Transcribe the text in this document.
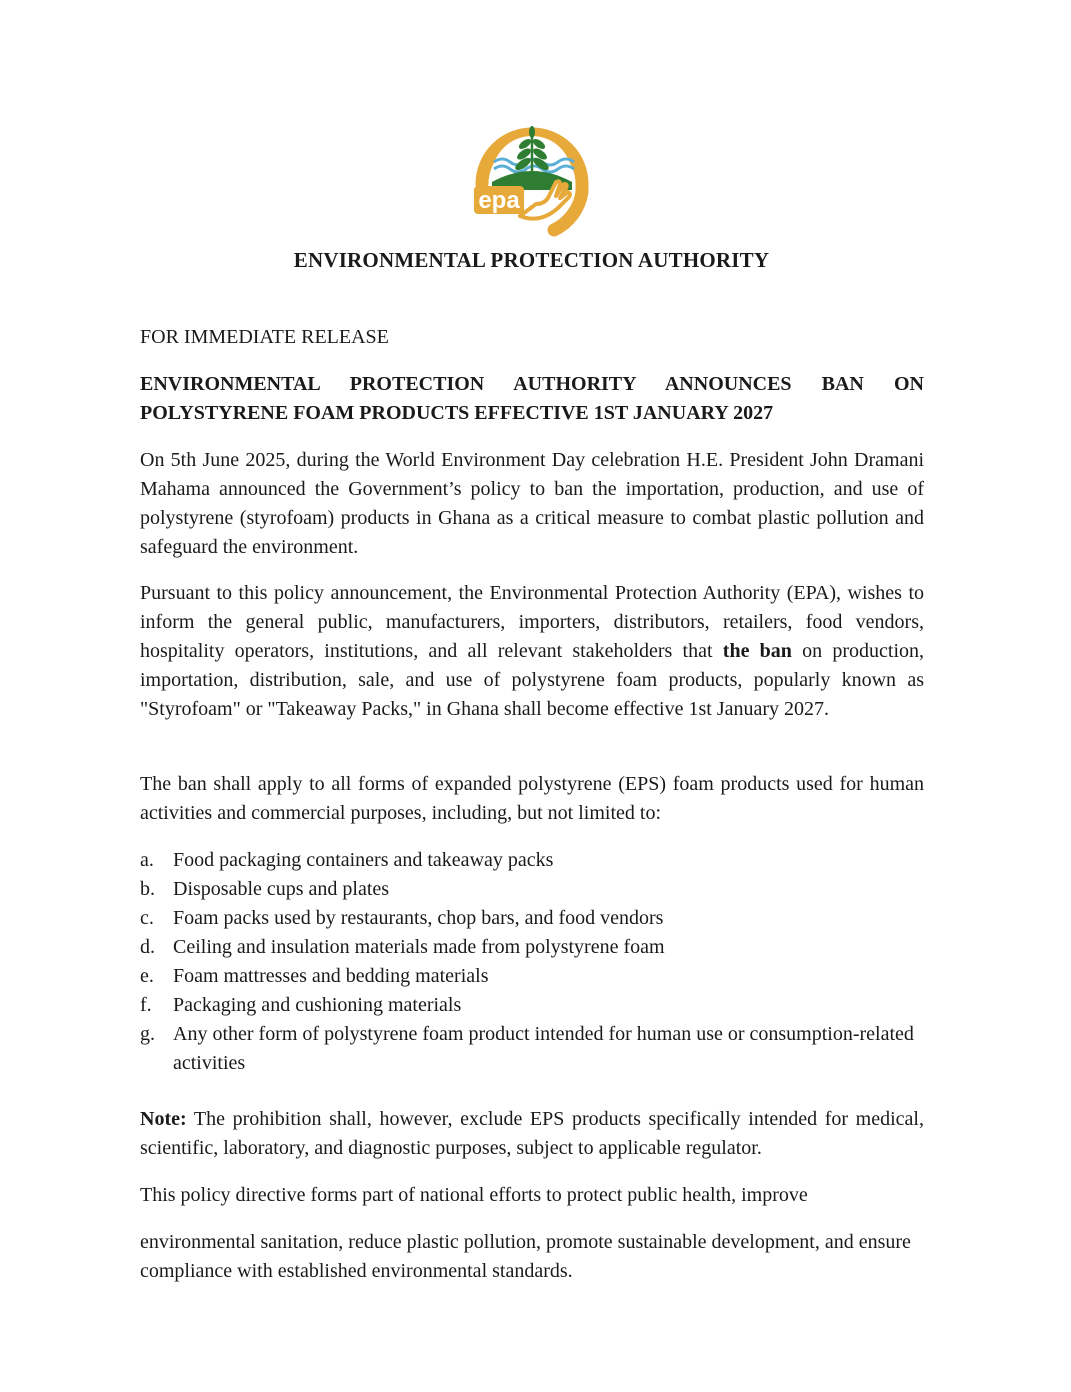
epa
ENVIRONMENTAL PROTECTION AUTHORITY
FOR IMMEDIATE RELEASE
ENVIRONMENTAL PROTECTION AUTHORITY ANNOUNCES BAN ON POLYSTYRENE FOAM PRODUCTS EFFECTIVE 1ST JANUARY 2027
On 5th June 2025, during the World Environment Day celebration H.E. President John Dramani Mahama announced the Government’s policy to ban the importation, production, and use of polystyrene (styrofoam) products in Ghana as a critical measure to combat plastic pollution and safeguard the environment.
Pursuant to this policy announcement, the Environmental Protection Authority (EPA), wishes to inform the general public, manufacturers, importers, distributors, retailers, food vendors, hospitality operators, institutions, and all relevant stakeholders that the ban on production, importation, distribution, sale, and use of polystyrene foam products, popularly known as "Styrofoam" or "Takeaway Packs," in Ghana shall become effective 1st January 2027.
The ban shall apply to all forms of expanded polystyrene (EPS) foam products used for human activities and commercial purposes, including, but not limited to:
a. Food packaging containers and takeaway packs
b. Disposable cups and plates
c. Foam packs used by restaurants, chop bars, and food vendors
d. Ceiling and insulation materials made from polystyrene foam
e. Foam mattresses and bedding materials
f.	Packaging and cushioning materials
g. Any other form of polystyrene foam product intended for human use or consumption-related activities
Note: The prohibition shall, however, exclude EPS products specifically intended for medical, scientific, laboratory, and diagnostic purposes, subject to applicable regulator.
This policy directive forms part of national efforts to protect public health, improve
environmental sanitation, reduce plastic pollution, promote sustainable development, and ensure compliance with established environmental standards.
